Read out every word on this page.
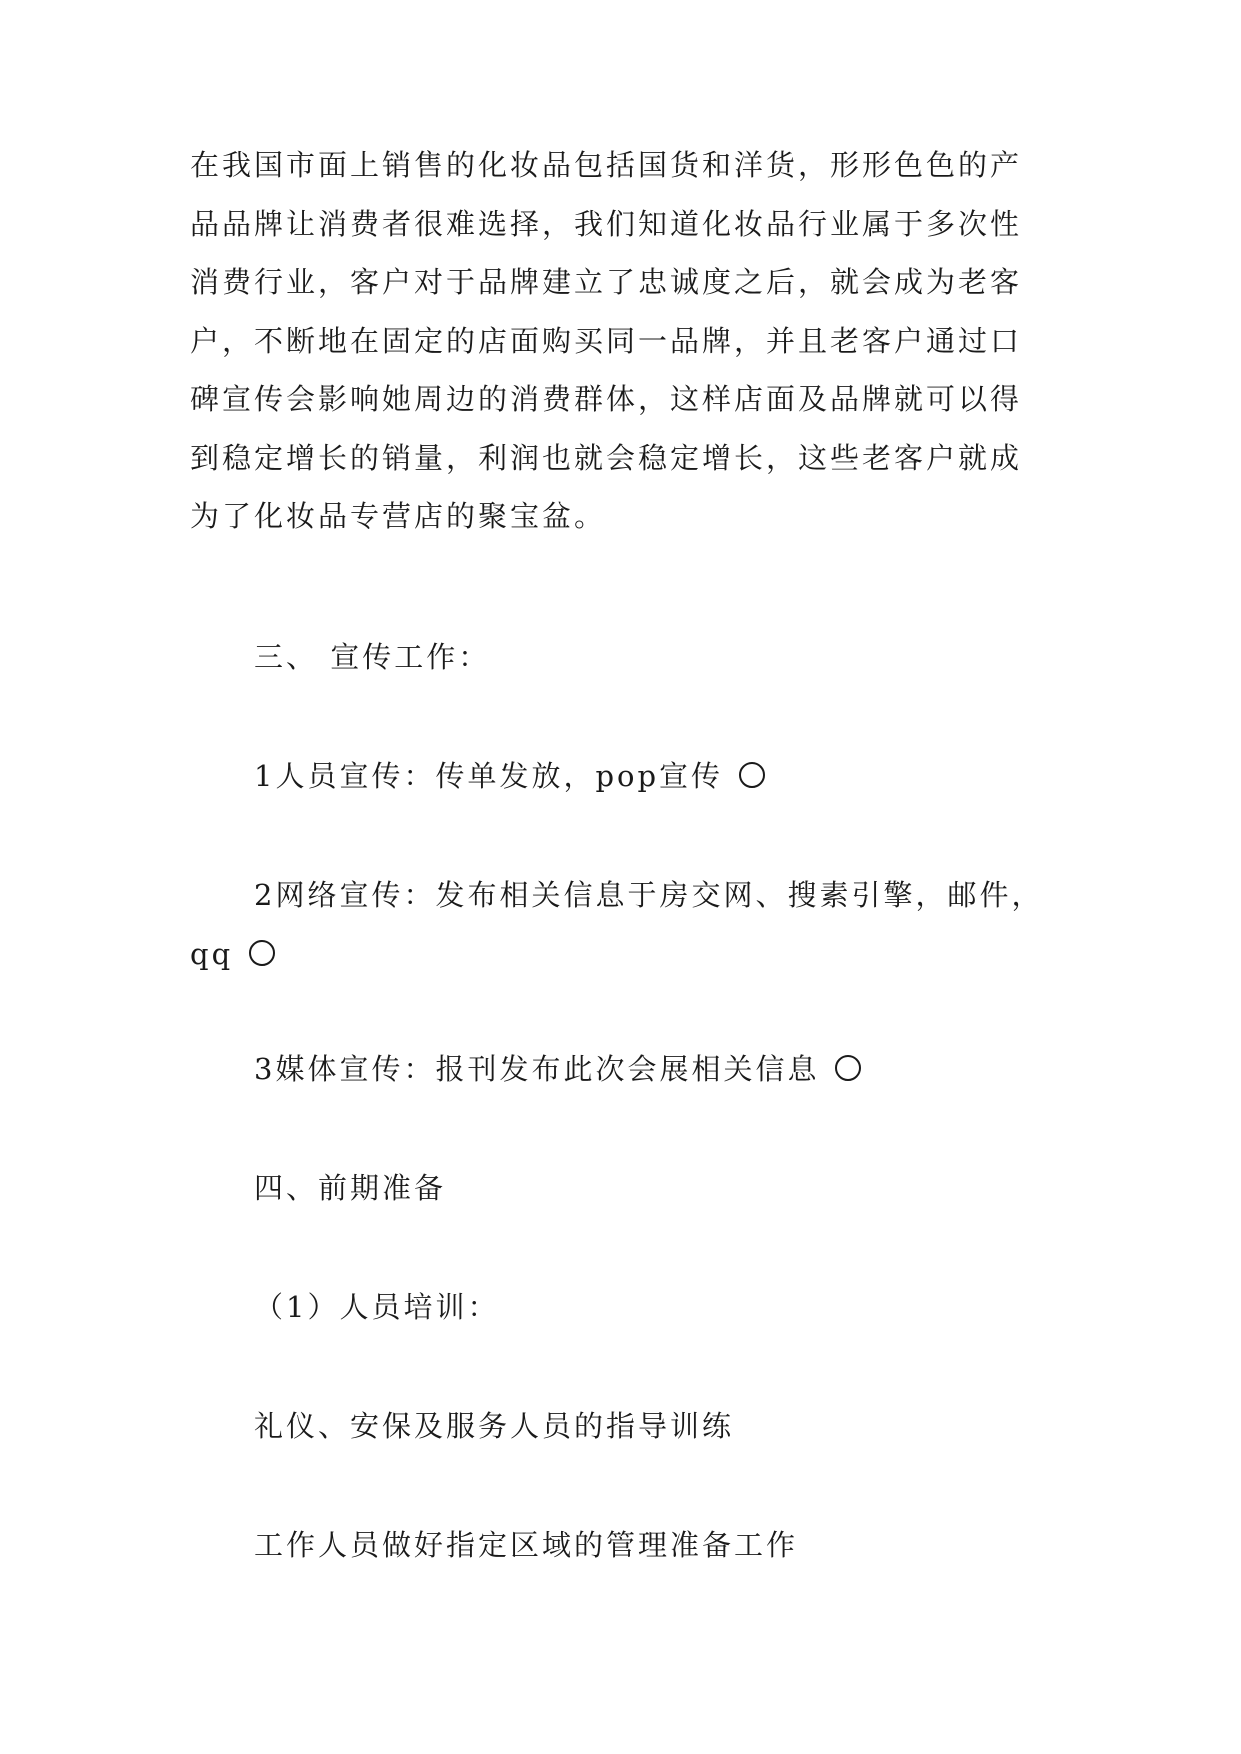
在我国市面上销售的化妆品包括国货和洋货，形形色色的产
品品牌让消费者很难选择，我们知道化妆品行业属于多次性
消费行业，客户对于品牌建立了忠诚度之后，就会成为老客
户，不断地在固定的店面购买同一品牌，并且老客户通过口
碑宣传会影响她周边的消费群体，这样店面及品牌就可以得
到稳定增长的销量，利润也就会稳定增长，这些老客户就成
为了化妆品专营店的聚宝盆。

三、 宣传工作：

1人员宣传：传单发放，pop宣传

2网络宣传：发布相关信息于房交网、搜素引擎，邮件，
qq

3媒体宣传：报刊发布此次会展相关信息

四、前期准备

（1）人员培训：

礼仪、安保及服务人员的指导训练

工作人员做好指定区域的管理准备工作
